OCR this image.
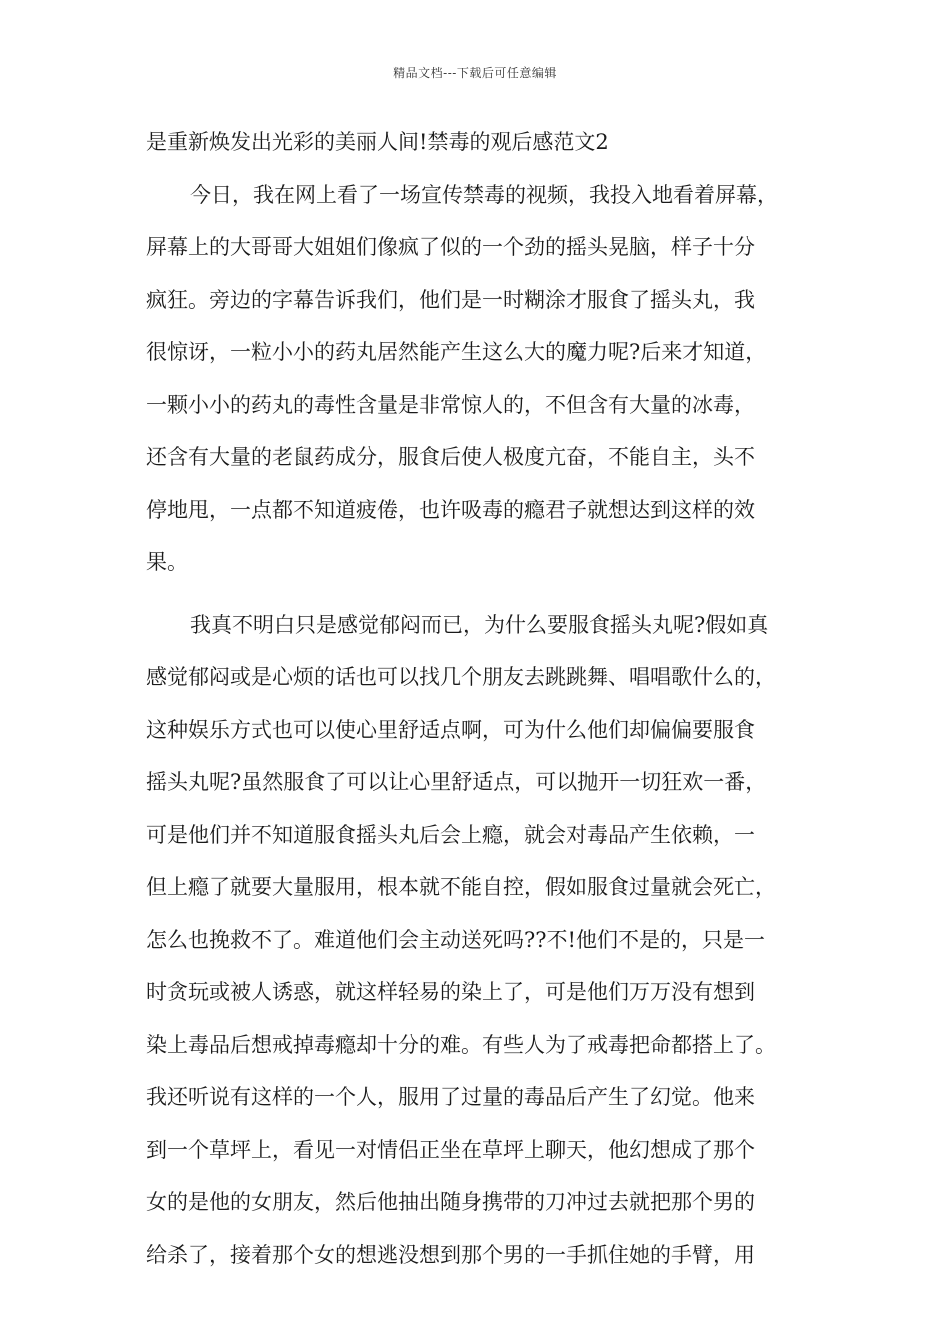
精品文档---下载后可任意编辑
是重新焕发出光彩的美丽人间!禁毒的观后感范文2
今日，我在网上看了一场宣传禁毒的视频，我投入地看着屏幕，
屏幕上的大哥哥大姐姐们像疯了似的一个劲的摇头晃脑，样子十分
疯狂。旁边的字幕告诉我们，他们是一时糊涂才服食了摇头丸，我
很惊讶，一粒小小的药丸居然能产生这么大的魔力呢?后来才知道，
一颗小小的药丸的毒性含量是非常惊人的，不但含有大量的冰毒，
还含有大量的老鼠药成分，服食后使人极度亢奋，不能自主，头不
停地甩，一点都不知道疲倦，也许吸毒的瘾君子就想达到这样的效
果。
我真不明白只是感觉郁闷而已，为什么要服食摇头丸呢?假如真
感觉郁闷或是心烦的话也可以找几个朋友去跳跳舞、唱唱歌什么的，
这种娱乐方式也可以使心里舒适点啊，可为什么他们却偏偏要服食
摇头丸呢?虽然服食了可以让心里舒适点，可以抛开一切狂欢一番，
可是他们并不知道服食摇头丸后会上瘾，就会对毒品产生依赖，一
但上瘾了就要大量服用，根本就不能自控，假如服食过量就会死亡，
怎么也挽救不了。难道他们会主动送死吗??不!他们不是的，只是一
时贪玩或被人诱惑，就这样轻易的染上了，可是他们万万没有想到
染上毒品后想戒掉毒瘾却十分的难。有些人为了戒毒把命都搭上了。
我还听说有这样的一个人，服用了过量的毒品后产生了幻觉。他来
到一个草坪上，看见一对情侣正坐在草坪上聊天，他幻想成了那个
女的是他的女朋友，然后他抽出随身携带的刀冲过去就把那个男的
给杀了，接着那个女的想逃没想到那个男的一手抓住她的手臂，用
